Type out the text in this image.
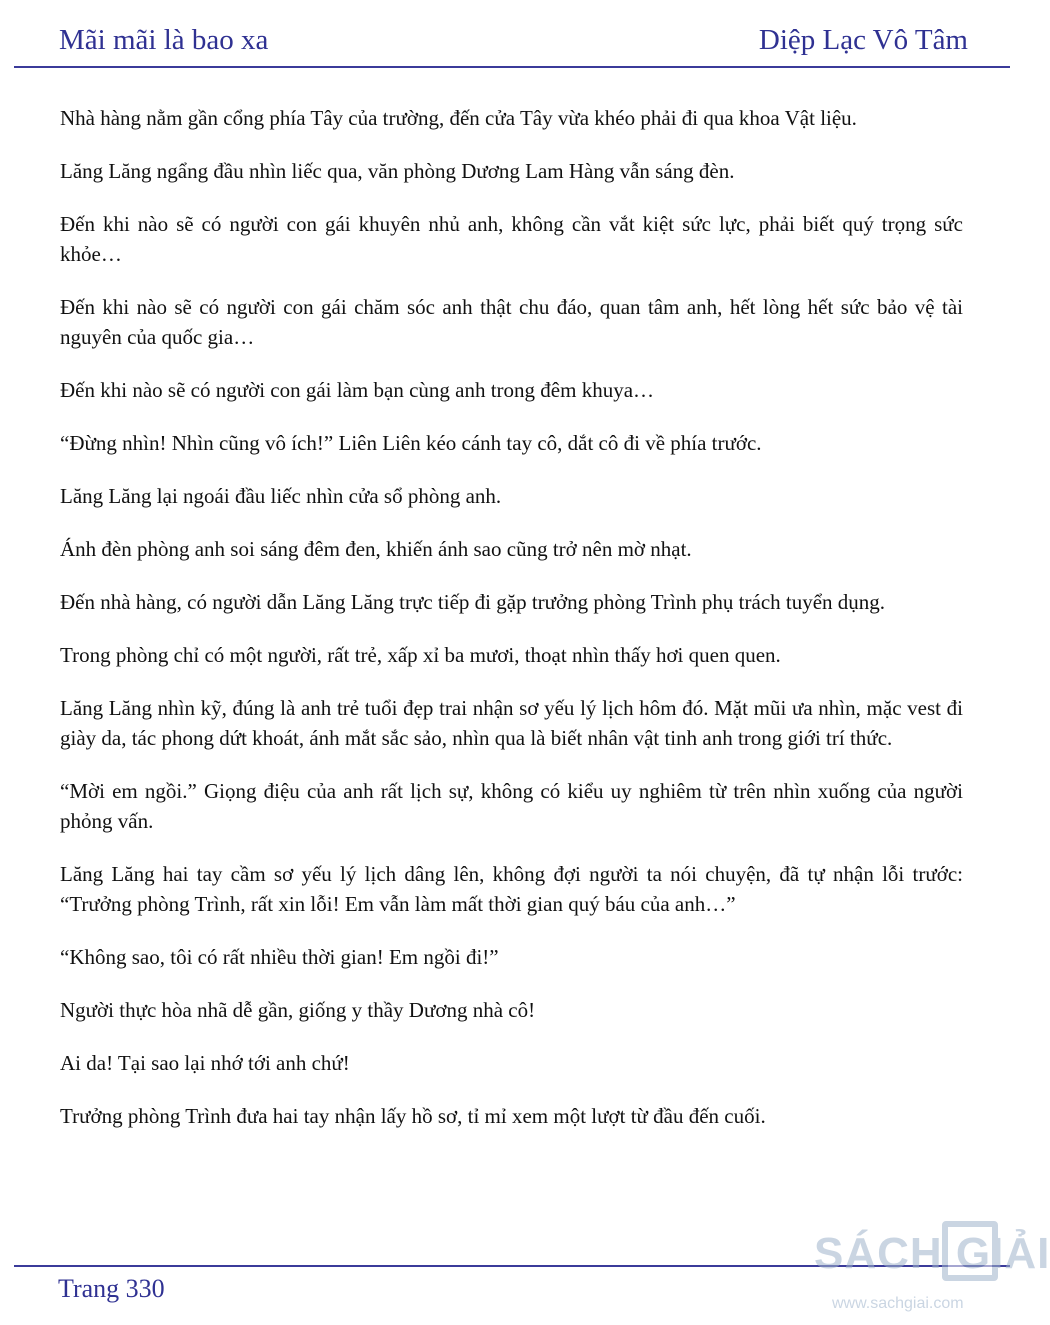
Mãi mãi là bao xa	Diệp Lạc Vô Tâm

Nhà hàng nằm gần cổng phía Tây của trường, đến cửa Tây vừa khéo phải đi qua khoa Vật liệu.

Lăng Lăng ngẩng đầu nhìn liếc qua, văn phòng Dương Lam Hàng vẫn sáng đèn.

Đến khi nào sẽ có người con gái khuyên nhủ anh, không cần vắt kiệt sức lực, phải biết quý trọng sức khỏe…

Đến khi nào sẽ có người con gái chăm sóc anh thật chu đáo, quan tâm anh, hết lòng hết sức bảo vệ tài nguyên của quốc gia…

Đến khi nào sẽ có người con gái làm bạn cùng anh trong đêm khuya…

“Đừng nhìn! Nhìn cũng vô ích!” Liên Liên kéo cánh tay cô, dắt cô đi về phía trước.

Lăng Lăng lại ngoái đầu liếc nhìn cửa sổ phòng anh.

Ánh đèn phòng anh soi sáng đêm đen, khiến ánh sao cũng trở nên mờ nhạt.

Đến nhà hàng, có người dẫn Lăng Lăng trực tiếp đi gặp trưởng phòng Trình phụ trách tuyển dụng.

Trong phòng chỉ có một người, rất trẻ, xấp xỉ ba mươi, thoạt nhìn thấy hơi quen quen.

Lăng Lăng nhìn kỹ, đúng là anh trẻ tuổi đẹp trai nhận sơ yếu lý lịch hôm đó. Mặt mũi ưa nhìn, mặc vest đi giày da, tác phong dứt khoát, ánh mắt sắc sảo, nhìn qua là biết nhân vật tinh anh trong giới trí thức.

“Mời em ngồi.” Giọng điệu của anh rất lịch sự, không có kiểu uy nghiêm từ trên nhìn xuống của người phỏng vấn.

Lăng Lăng hai tay cầm sơ yếu lý lịch dâng lên, không đợi người ta nói chuyện, đã tự nhận lỗi trước: “Trưởng phòng Trình, rất xin lỗi! Em vẫn làm mất thời gian quý báu của anh…”

“Không sao, tôi có rất nhiều thời gian! Em ngồi đi!”

Người thực hòa nhã dễ gần, giống y thầy Dương nhà cô!

Ai da! Tại sao lại nhớ tới anh chứ!

Trưởng phòng Trình đưa hai tay nhận lấy hồ sơ, tỉ mỉ xem một lượt từ đầu đến cuối.

Trang 330
SÁCH GIẢI
www.sachgiai.com
